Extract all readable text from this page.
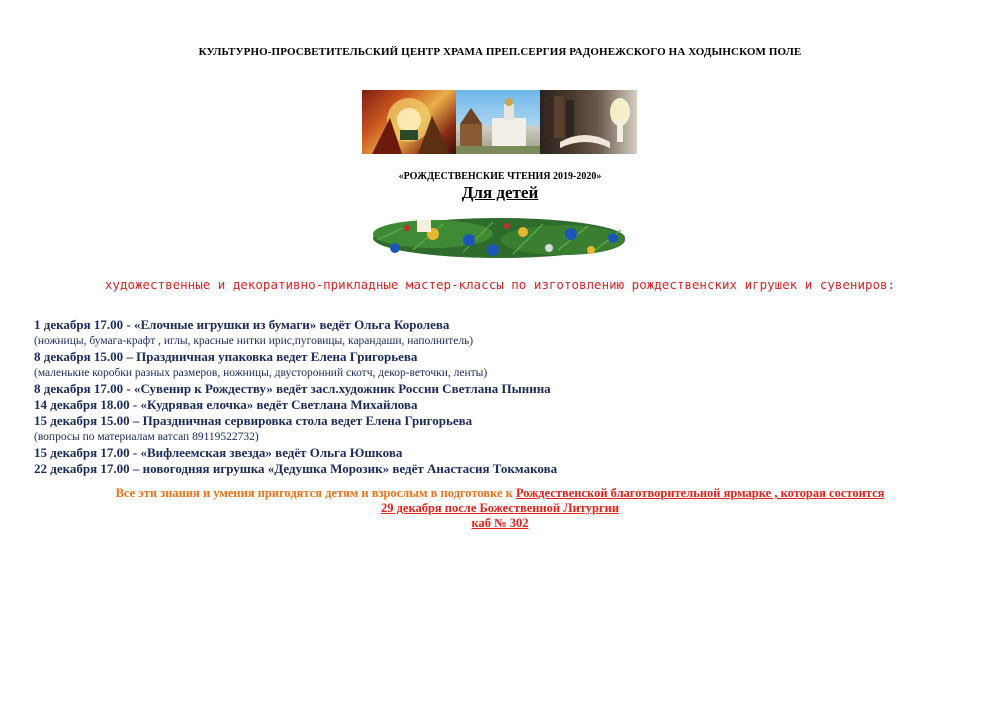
КУЛЬТУРНО-ПРОСВЕТИТЕЛЬСКИЙ ЦЕНТР ХРАМА ПРЕП.СЕРГИЯ РАДОНЕЖСКОГО НА ХОДЫНСКОМ ПОЛЕ
«РОЖДЕСТВЕНСКИЕ ЧТЕНИЯ 2019-2020»
Для детей
художественные и декоративно-прикладные мастер-классы по изготовлению рождественских игрушек и сувениров:
1 декабря 17.00 - «Елочные игрушки из бумаги» ведёт Ольга Королева
(ножницы, бумага-крафт , иглы, красные нитки ирис,пуговицы, карандаши, наполнитель)
8 декабря 15.00 – Праздничная упаковка ведет Елена Григорьева
(маленькие коробки разных размеров, ножницы, двусторонний скотч, декор-веточки, ленты)
8 декабря 17.00 - «Сувенир к Рождеству» ведёт засл.художник России Светлана Пынина
14 декабря 18.00 - «Кудрявая елочка» ведёт Светлана Михайлова
15 декабря 15.00 – Праздничная сервировка стола ведет Елена Григорьева
(вопросы по материалам ватсап 89119522732)
15 декабря 17.00 - «Вифлеемская звезда» ведёт Ольга Юшкова
22 декабря 17.00 – новогодняя игрушка «Дедушка Морозик» ведёт Анастасия Токмакова
Все эти знания и умения пригодятся детям и взрослым в подготовке к Рождественской благотворительной ярмарке , которая состоится
29 декабря после Божественной Литургии
каб № 302
